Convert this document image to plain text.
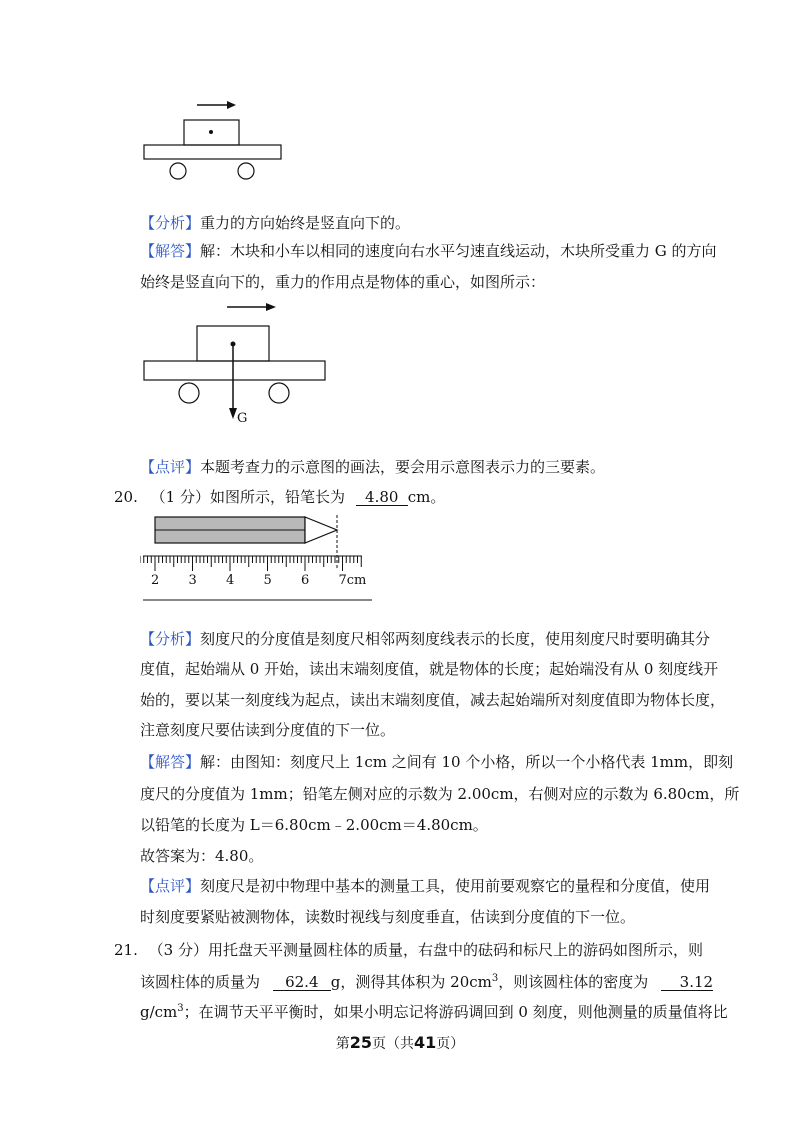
【分析】重力的方向始终是竖直向下的。
【解答】解：木块和小车以相同的速度向右水平匀速直线运动，木块所受重力 G 的方向
始终是竖直向下的，重力的作用点是物体的重心，如图所示：
G
【点评】本题考查力的示意图的画法，要会用示意图表示力的三要素。
20. （1 分）如图所示，铅笔长为 4.80 cm。
2 3 4 5 6 7cm
【分析】刻度尺的分度值是刻度尺相邻两刻度线表示的长度，使用刻度尺时要明确其分
度值，起始端从 0 开始，读出末端刻度值，就是物体的长度；起始端没有从 0 刻度线开
始的，要以某一刻度线为起点，读出末端刻度值，减去起始端所对刻度值即为物体长度，
注意刻度尺要估读到分度值的下一位。
【解答】解：由图知：刻度尺上 1cm 之间有 10 个小格，所以一个小格代表 1mm，即刻
度尺的分度值为 1mm；铅笔左侧对应的示数为 2.00cm，右侧对应的示数为 6.80cm，所
以铅笔的长度为 L＝6.80cm﹣2.00cm＝4.80cm。
故答案为：4.80。
【点评】刻度尺是初中物理中基本的测量工具，使用前要观察它的量程和分度值，使用
时刻度要紧贴被测物体，读数时视线与刻度垂直，估读到分度值的下一位。
21. （3 分）用托盘天平测量圆柱体的质量，右盘中的砝码和标尺上的游码如图所示，则
该圆柱体的质量为 62.4 g，测得其体积为 $20cm^3$，则该圆柱体的密度为 3.12
$g/cm^3$；在调节天平平衡时，如果小明忘记将游码调回到 0 刻度，则他测量的质量值将比
第25页（共41页）
